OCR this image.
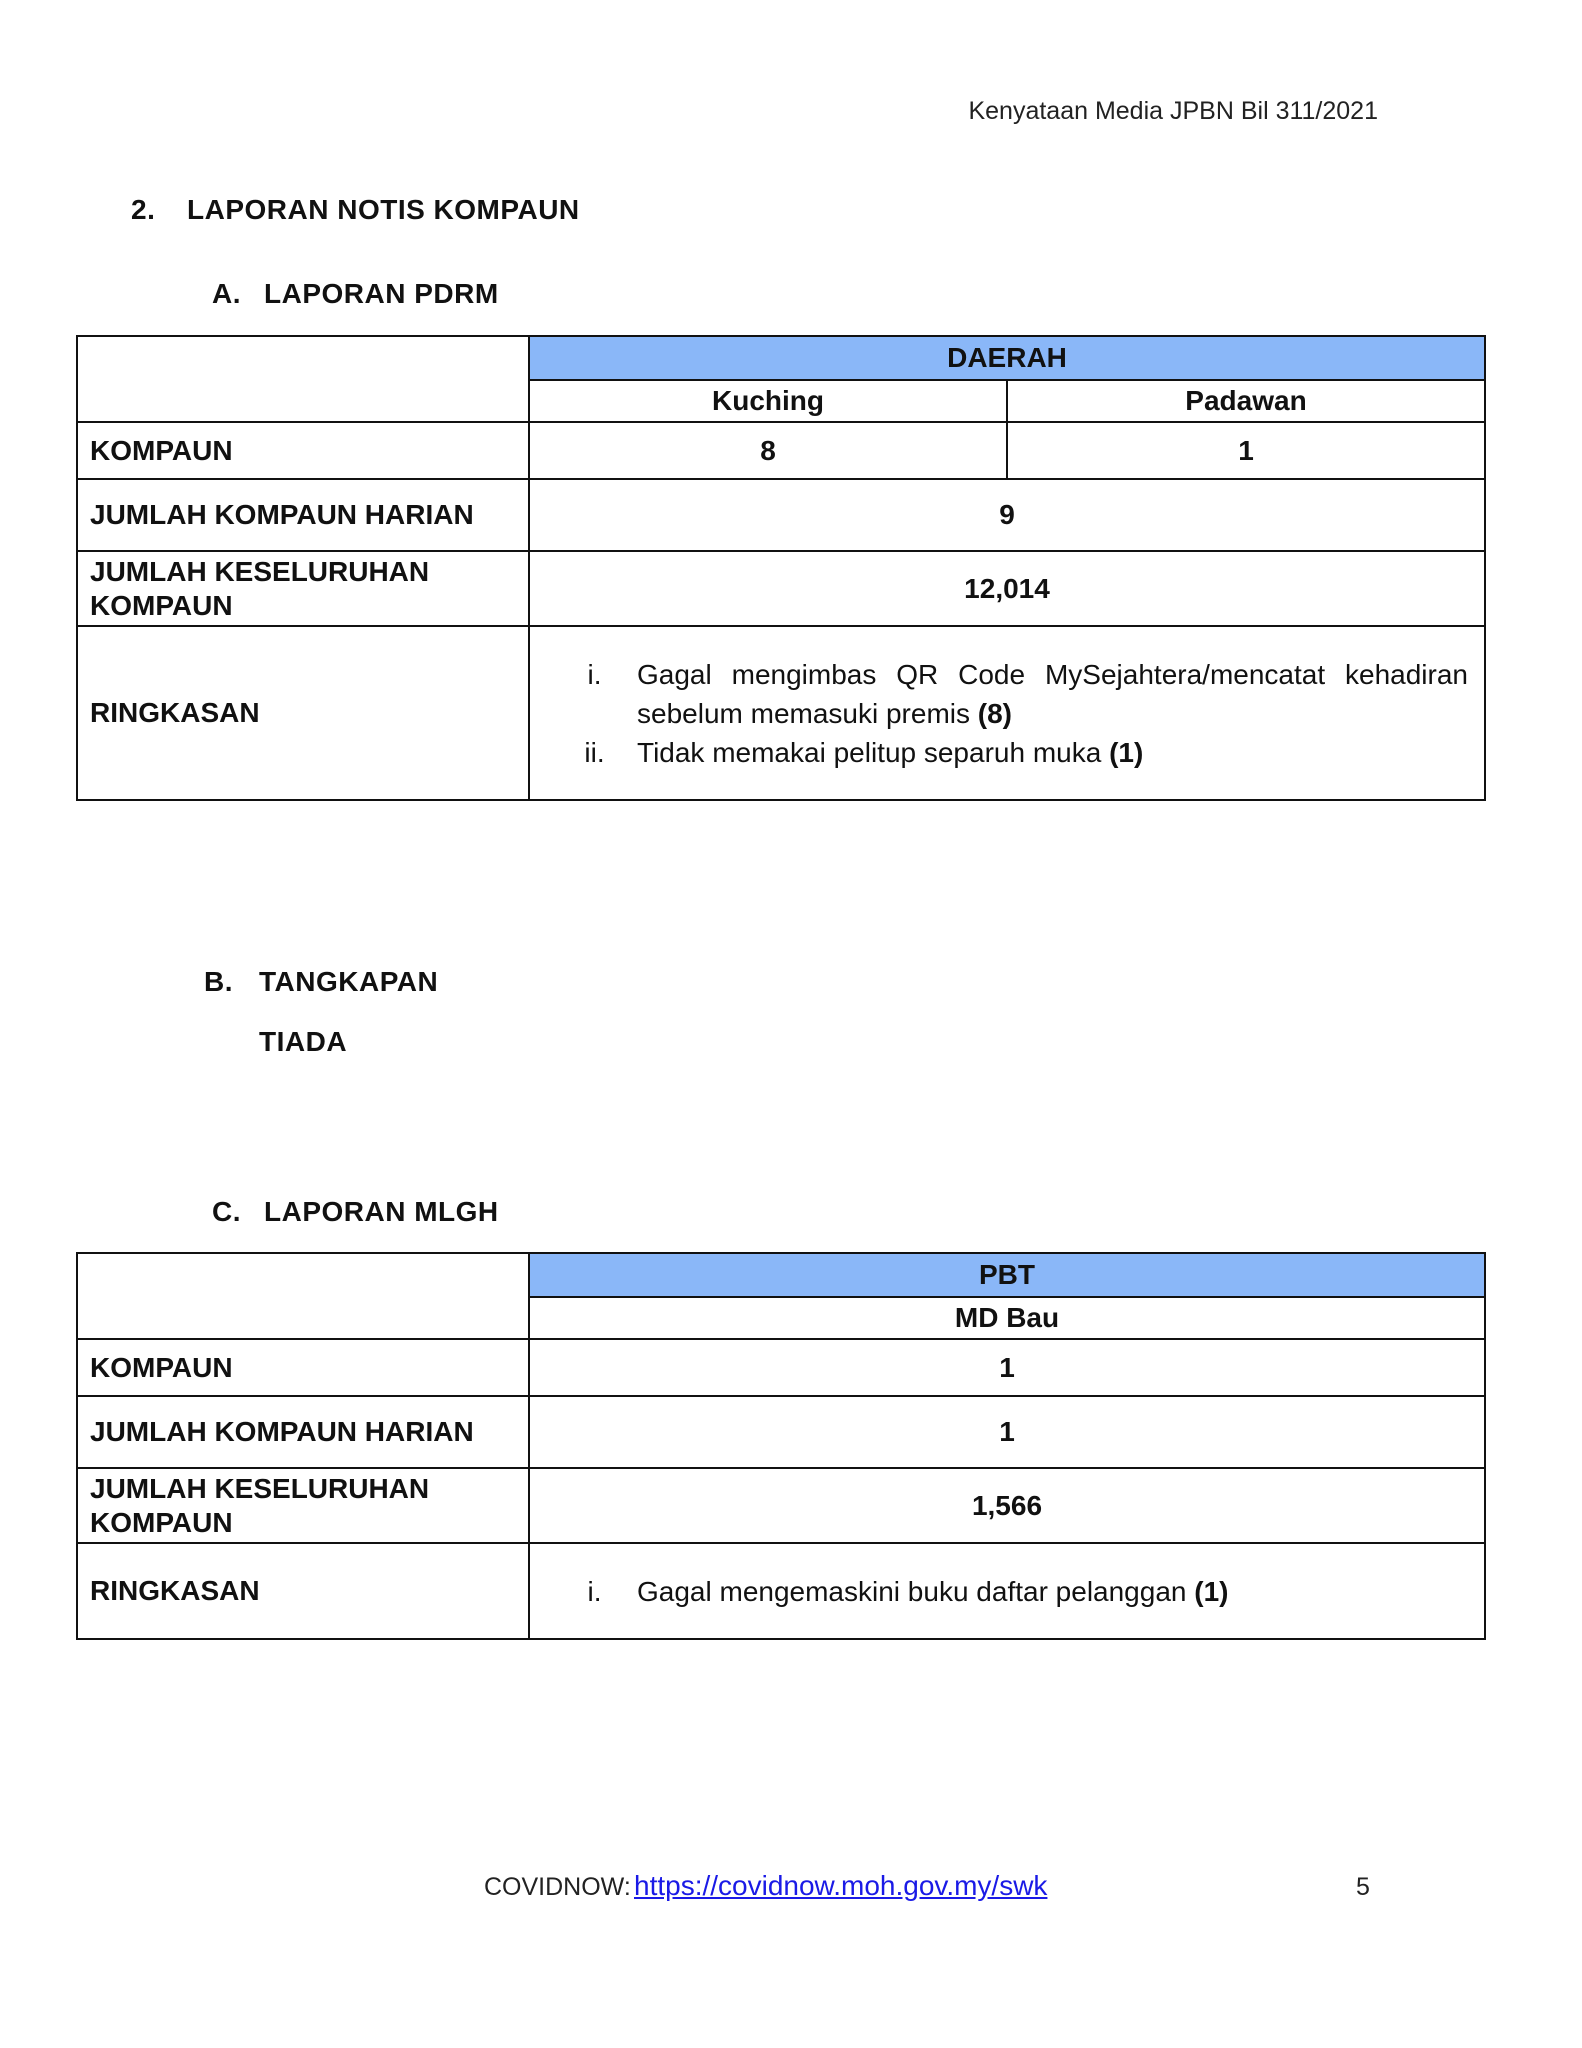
Kenyataan Media JPBN Bil 311/2021
2. LAPORAN NOTIS KOMPAUN
A. LAPORAN PDRM
	DAERAH	
	Kuching	Padawan
KOMPAUN	8	1
JUMLAH KOMPAUN HARIAN	9	

JUMLAH KESELURUHAN
KOMPAUN	12,014	
RINGKASAN	i. Gagal mengimbas QR Code MySejahtera/mencatat kehadiran sebelum memasuki premis (8)
ii. Tidak memakai pelitup separuh muka (1)	
B. TANGKAPAN
TIADA
C. LAPORAN MLGH
	PBT
	MD Bau
KOMPAUN	1
JUMLAH KOMPAUN HARIAN	1

JUMLAH KESELURUHAN
KOMPAUN	1,566
RINGKASAN	i. Gagal mengemaskini buku daftar pelanggan (1)
COVIDNOW: https://covidnow.moh.gov.my/swk	5
